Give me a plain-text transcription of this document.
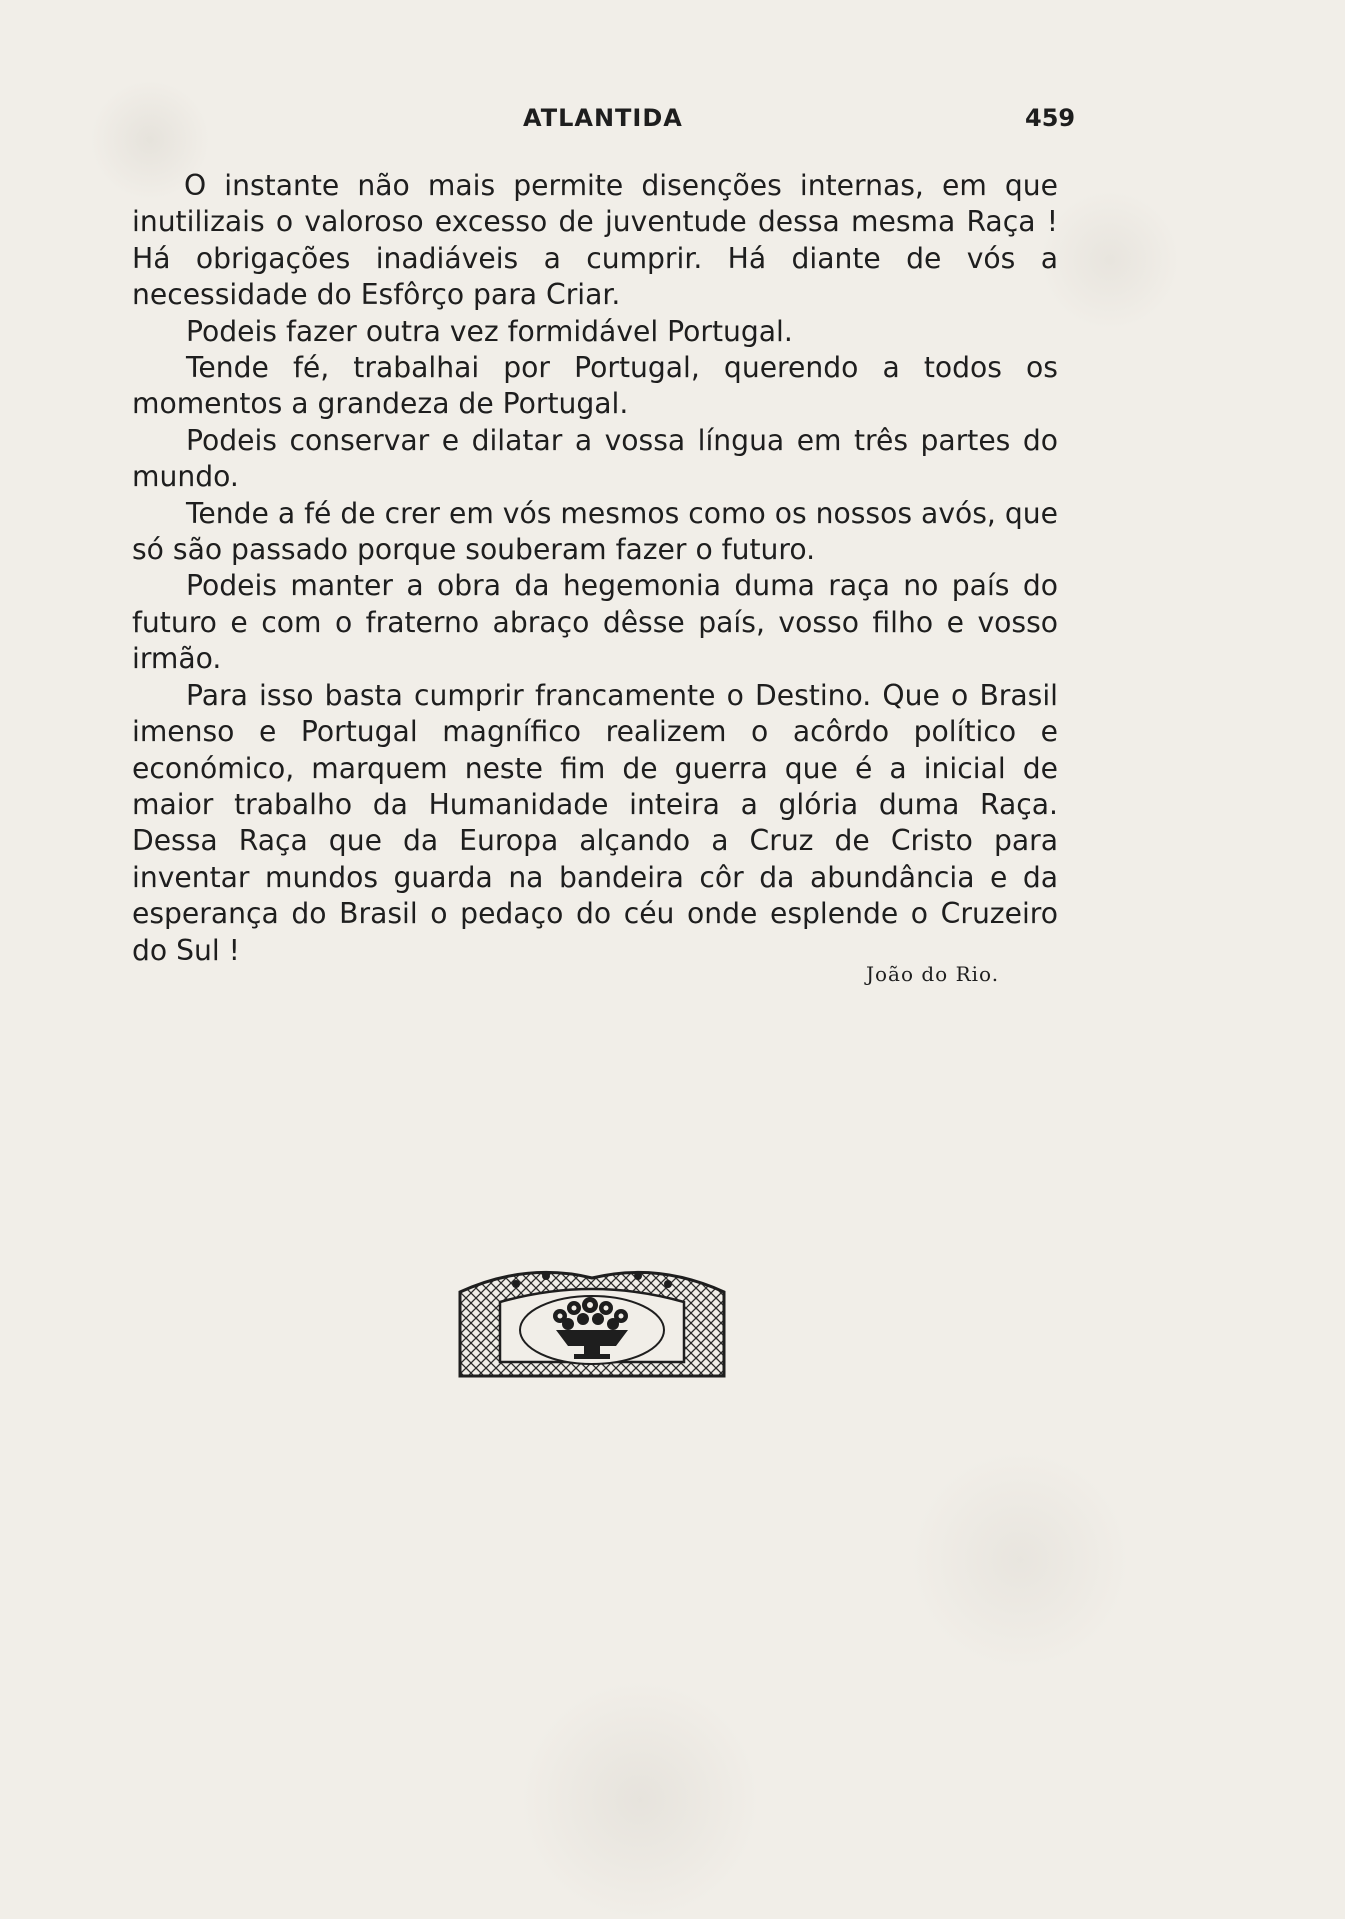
ATLANTIDA	459

O instante não mais permite disenções internas, em que inutilizais o valoroso excesso de juventude dessa mesma Raça ! Há obrigações inadiáveis a cumprir. Há diante de vós a necessidade do Esfôrço para Criar.

Podeis fazer outra vez formidável Portugal.

Tende fé, trabalhai por Portugal, querendo a todos os momentos a grandeza de Portugal.

Podeis conservar e dilatar a vossa língua em três partes do mundo.

Tende a fé de crer em vós mesmos como os nossos avós, que só são passado porque souberam fazer o futuro.

Podeis manter a obra da hegemonia duma raça no país do futuro e com o fraterno abraço dêsse país, vosso filho e vosso irmão.

Para isso basta cumprir francamente o Destino. Que o Brasil imenso e Portugal magnífico realizem o acôrdo político e económico, marquem neste fim de guerra que é a inicial de maior trabalho da Humanidade inteira a glória duma Raça. Dessa Raça que da Europa alçando a Cruz de Cristo para inventar mundos guarda na bandeira côr da abundância e da esperança do Brasil o pedaço do céu onde esplende o Cruzeiro do Sul !

João do Rio.
